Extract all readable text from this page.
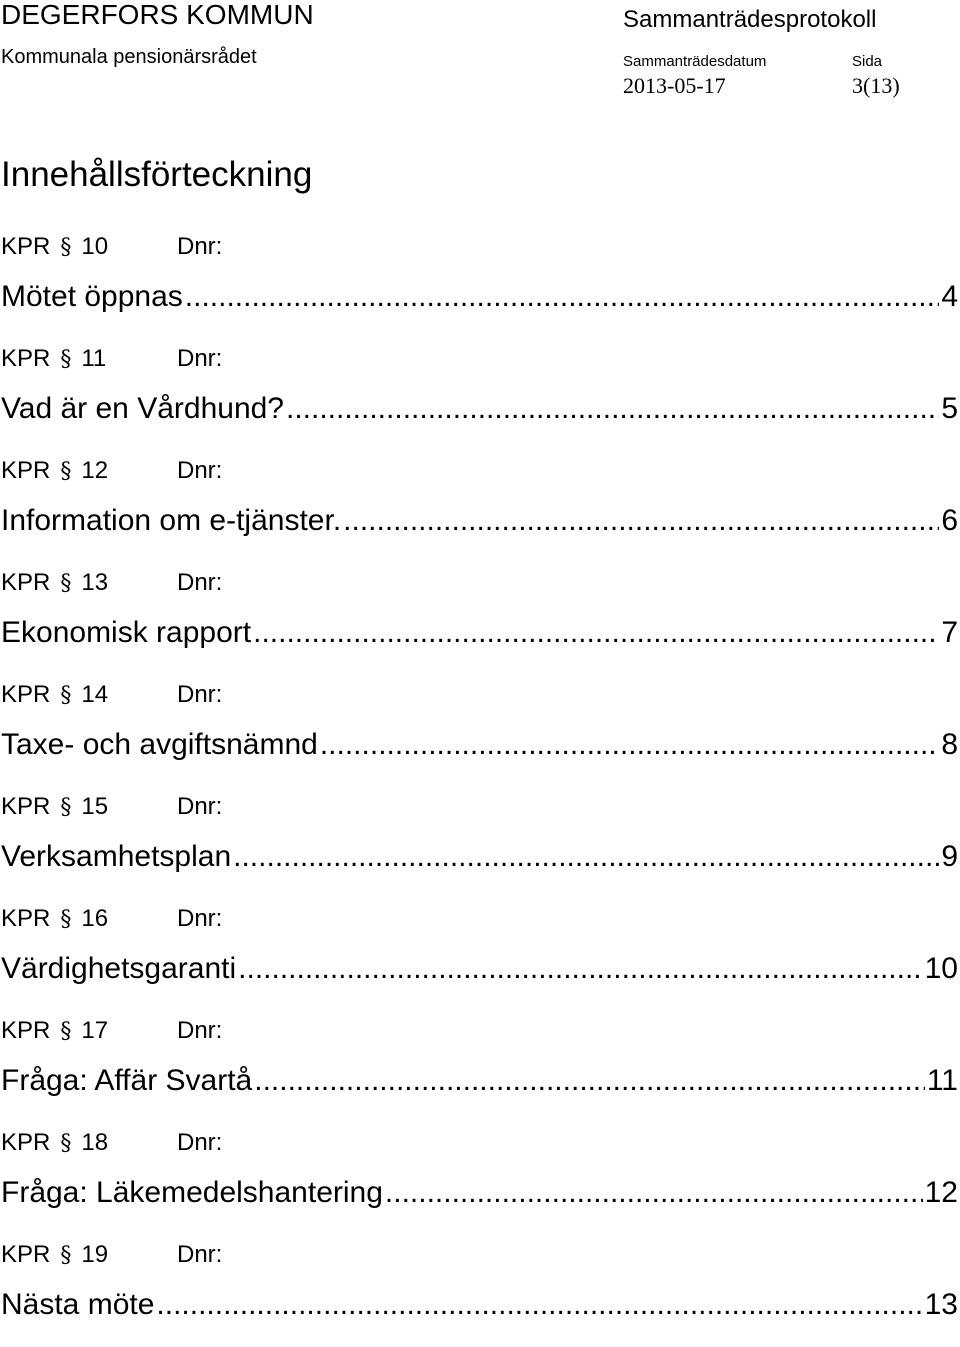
DEGERFORS KOMMUN
Kommunala pensionärsrådet
Sammanträdesprotokoll
Sammanträdesdatum
2013-05-17
Sida
3(13)
Innehållsförteckning
KPR § 10	Dnr:
Mötet öppnas .....	4
KPR § 11	Dnr:
Vad är en Vårdhund? .....	5
KPR § 12	Dnr:
Information om e-tjänster. .....	6
KPR § 13	Dnr:
Ekonomisk rapport .....	7
KPR § 14	Dnr:
Taxe- och avgiftsnämnd .....	8
KPR § 15	Dnr:
Verksamhetsplan .....	9
KPR § 16	Dnr:
Värdighetsgaranti .....	10
KPR § 17	Dnr:
Fråga: Affär Svartå .....	11
KPR § 18	Dnr:
Fråga: Läkemedelshantering .....	12
KPR § 19	Dnr:
Nästa möte .....	13
